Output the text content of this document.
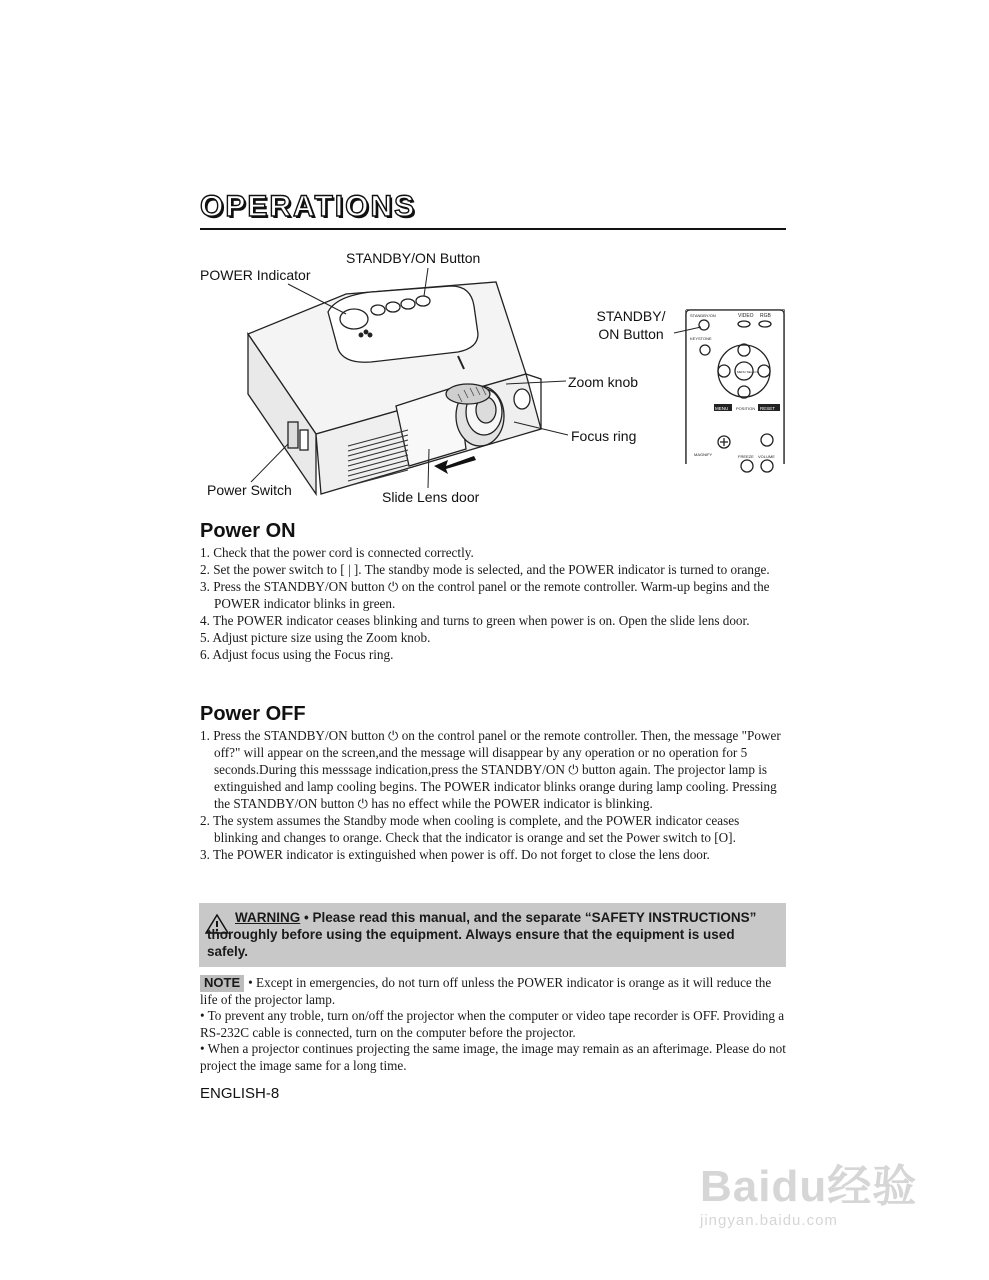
OPERATIONS
STANDBY/ON	VIDEO RGB
KEYSTONE
MENU SELECT
MENU POSITION RESET
MAGNIFY	FREEZE VOLUME
STANDBY/ON Button
POWER Indicator
STANDBY/ ON Button
Zoom knob
Focus ring
Power Switch	Slide Lens door
Power ON
1. Check that the power cord is connected correctly.
2. Set the power switch to [ | ]. The standby mode is selected, and the POWER indicator is turned to orange.
3. Press the STANDBY/ON button ⏻ on the control panel or the remote controller. Warm-up begins and the POWER indicator blinks in green.
4. The POWER indicator ceases blinking and turns to green when power is on. Open the slide lens door.
5. Adjust picture size using the Zoom knob.
6. Adjust focus using the Focus ring.
Power OFF
1. Press the STANDBY/ON button ⏻ on the control panel or the remote controller. Then, the message "Power off?" will appear on the screen,and the message will disappear by any operation or no operation for 5 seconds.During this messsage indication,press the STANDBY/ON ⏻ button again. The projector lamp is extinguished and lamp cooling begins. The POWER indicator blinks orange during lamp cooling. Pressing the STANDBY/ON button ⏻ has no effect while the POWER indicator is blinking.
2. The system assumes the Standby mode when cooling is complete, and the POWER indicator ceases blinking and changes to orange. Check that the indicator is orange and set the Power switch to [O].
3. The POWER indicator is extinguished when power is off. Do not forget to close the lens door.
WARNING • Please read this manual, and the separate “SAFETY INSTRUCTIONS” thoroughly before using the equipment. Always ensure that the equipment is used safely.

NOTE • Except in emergencies, do not turn off unless the POWER indicator is orange as it will reduce the life of the projector lamp.

• To prevent any troble, turn on/off the projector when the computer or video tape recorder is OFF. Providing a RS-232C cable is connected, turn on the computer before the projector.

• When a projector continues projecting the same image, the image may remain as an afterimage. Please do not project the image same for a long time.

ENGLISH-8
Baidu经验
jingyan.baidu.com
